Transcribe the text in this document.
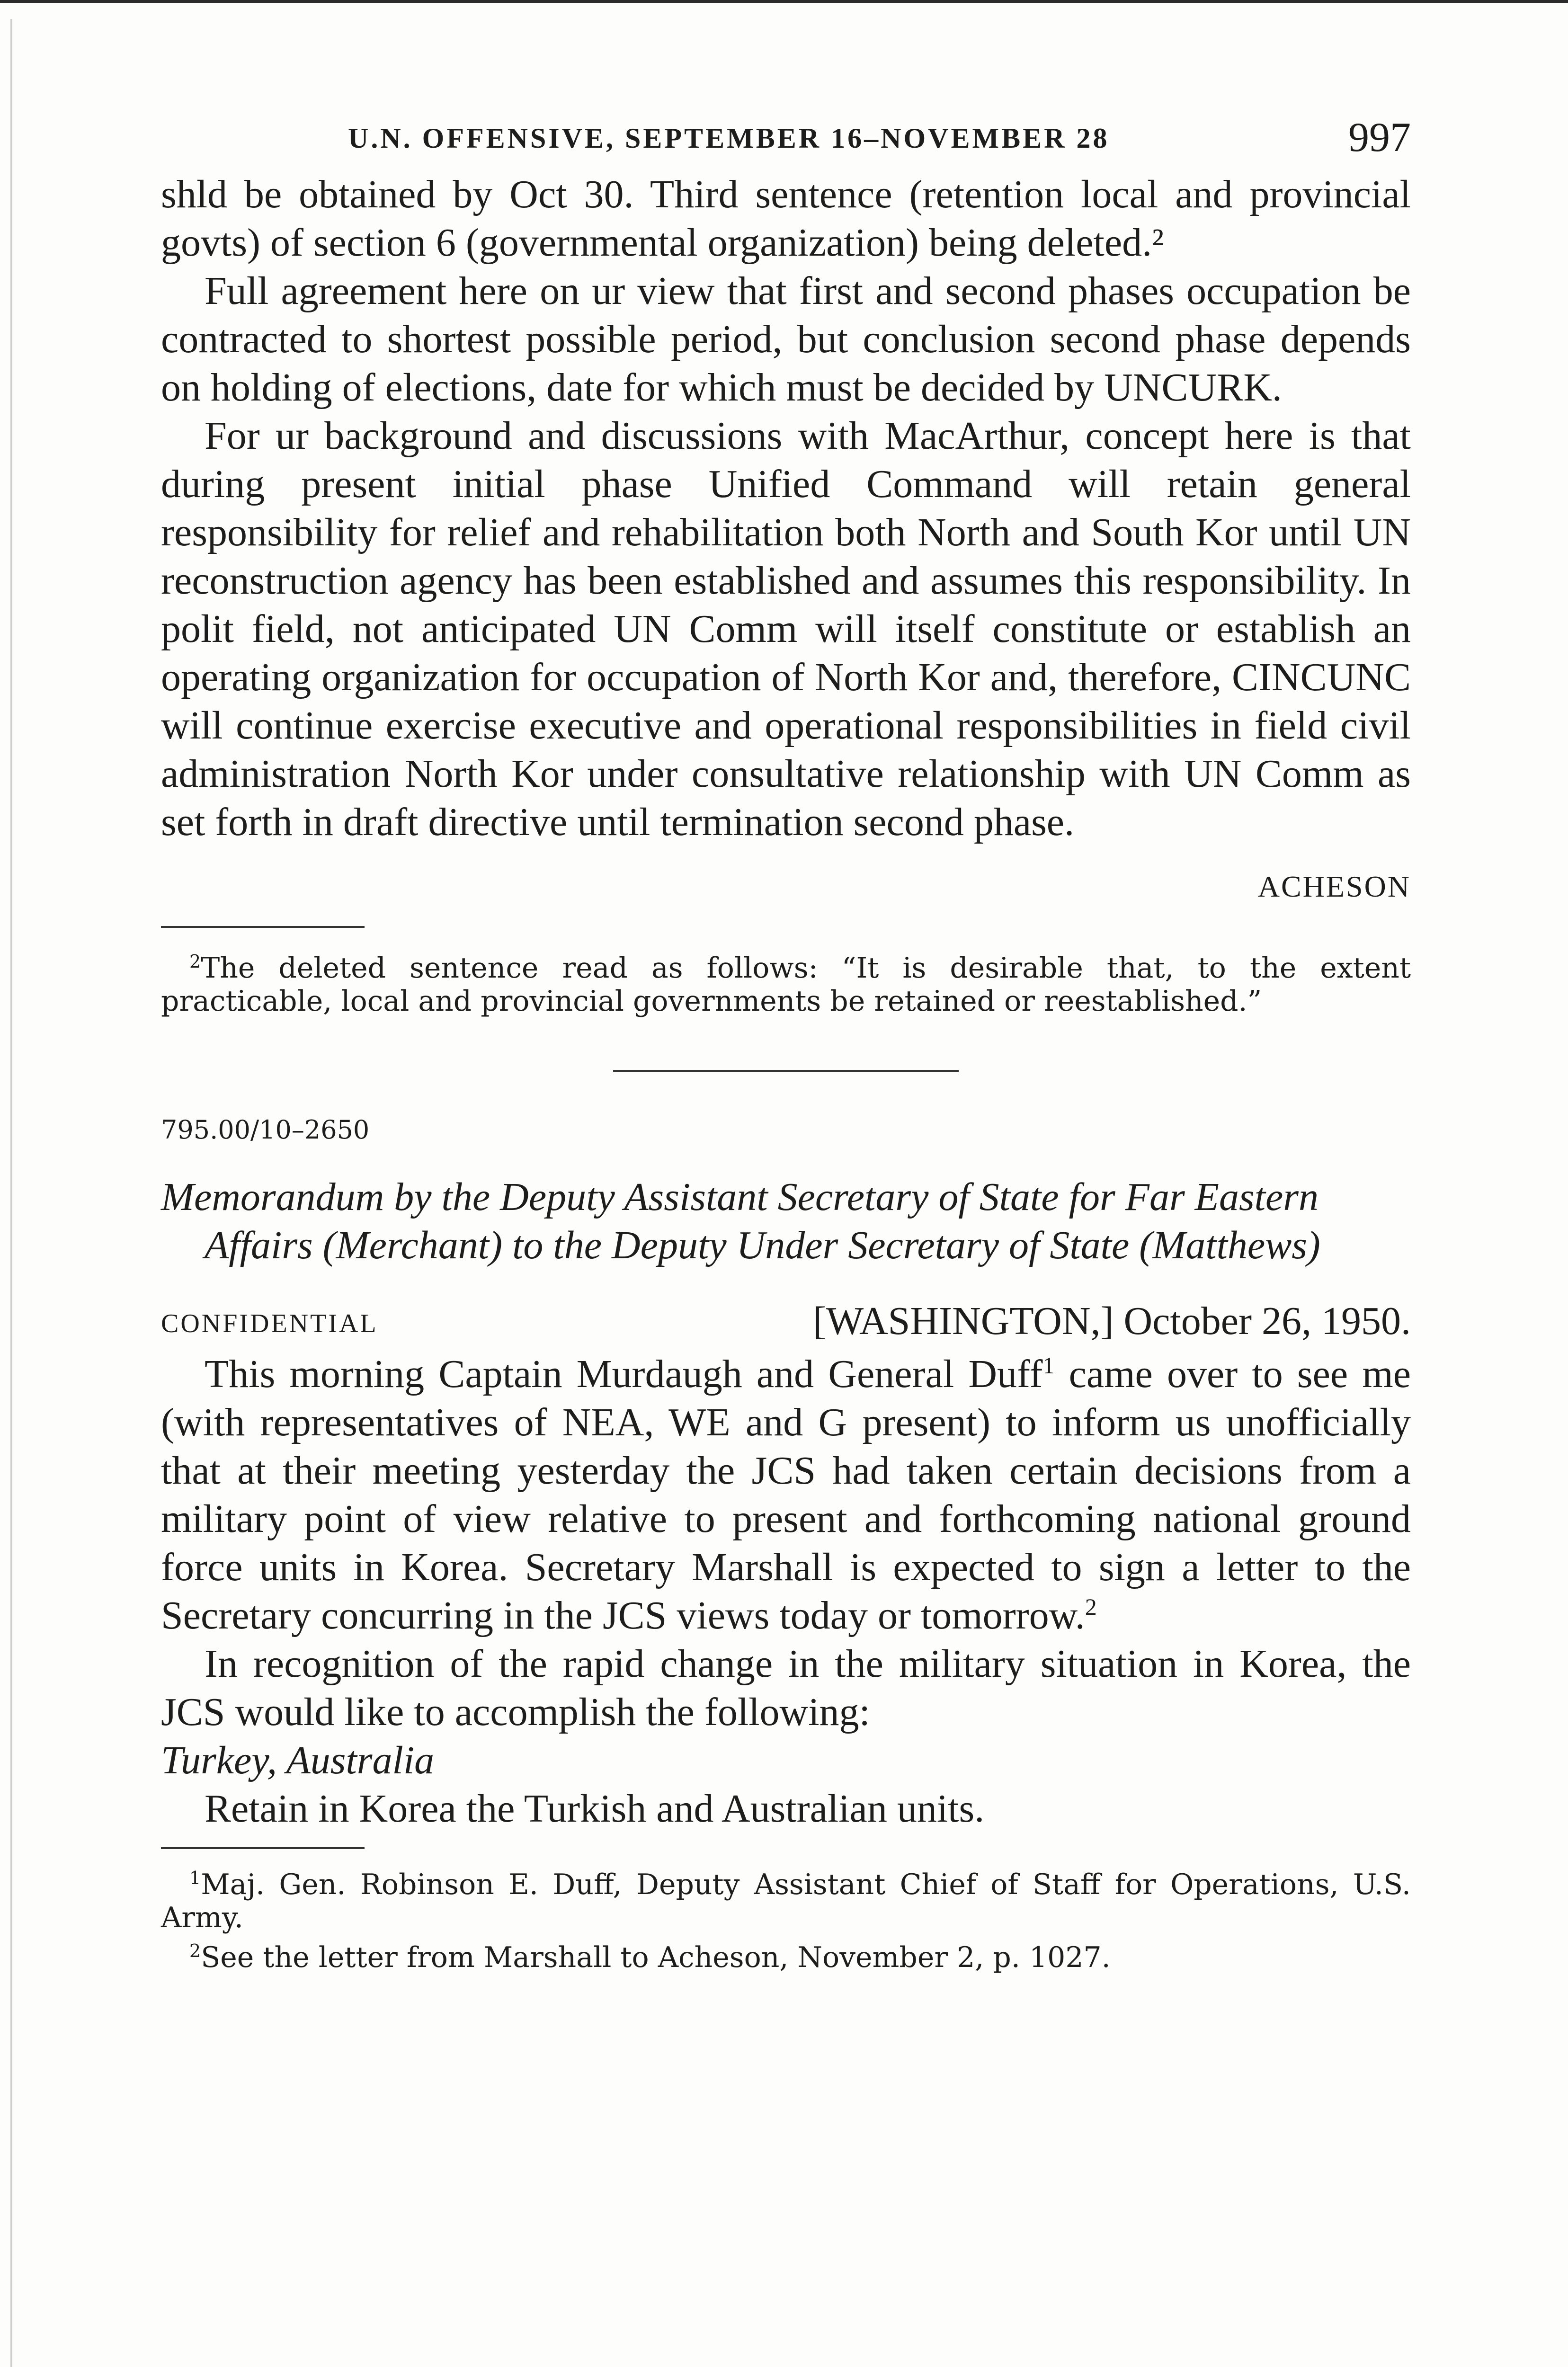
U.N. OFFENSIVE, SEPTEMBER 16–NOVEMBER 28	997

shld be obtained by Oct 30. Third sentence (retention local and provincial govts) of section 6 (governmental organization) being deleted.²

Full agreement here on ur view that first and second phases occupation be contracted to shortest possible period, but conclusion second phase depends on holding of elections, date for which must be decided by UNCURK.

For ur background and discussions with MacArthur, concept here is that during present initial phase Unified Command will retain general responsibility for relief and rehabilitation both North and South Kor until UN reconstruction agency has been established and assumes this responsibility. In polit field, not anticipated UN Comm will itself constitute or establish an operating organization for occupation of North Kor and, therefore, CINCUNC will continue exercise executive and operational responsibilities in field civil administration North Kor under consultative relationship with UN Comm as set forth in draft directive until termination second phase.

ACHESON

$^2$The deleted sentence read as follows: “It is desirable that, to the extent practicable, local and provincial governments be retained or reestablished.”

795.00/10–2650
Memorandum by the Deputy Assistant Secretary of State for Far Eastern Affairs (Merchant) to the Deputy Under Secretary of State (Matthews)
CONFIDENTIAL	[WASHINGTON,] October 26, 1950.

This morning Captain Murdaugh and General Duff$^1$ came over to see me (with representatives of NEA, WE and G present) to inform us unofficially that at their meeting yesterday the JCS had taken certain decisions from a military point of view relative to present and forthcoming national ground force units in Korea. Secretary Marshall is expected to sign a letter to the Secretary concurring in the JCS views today or tomorrow.$^2$

In recognition of the rapid change in the military situation in Korea, the JCS would like to accomplish the following:

Turkey, Australia

Retain in Korea the Turkish and Australian units.

$^1$Maj. Gen. Robinson E. Duff, Deputy Assistant Chief of Staff for Operations, U.S. Army.

$^2$See the letter from Marshall to Acheson, November 2, p. 1027.
